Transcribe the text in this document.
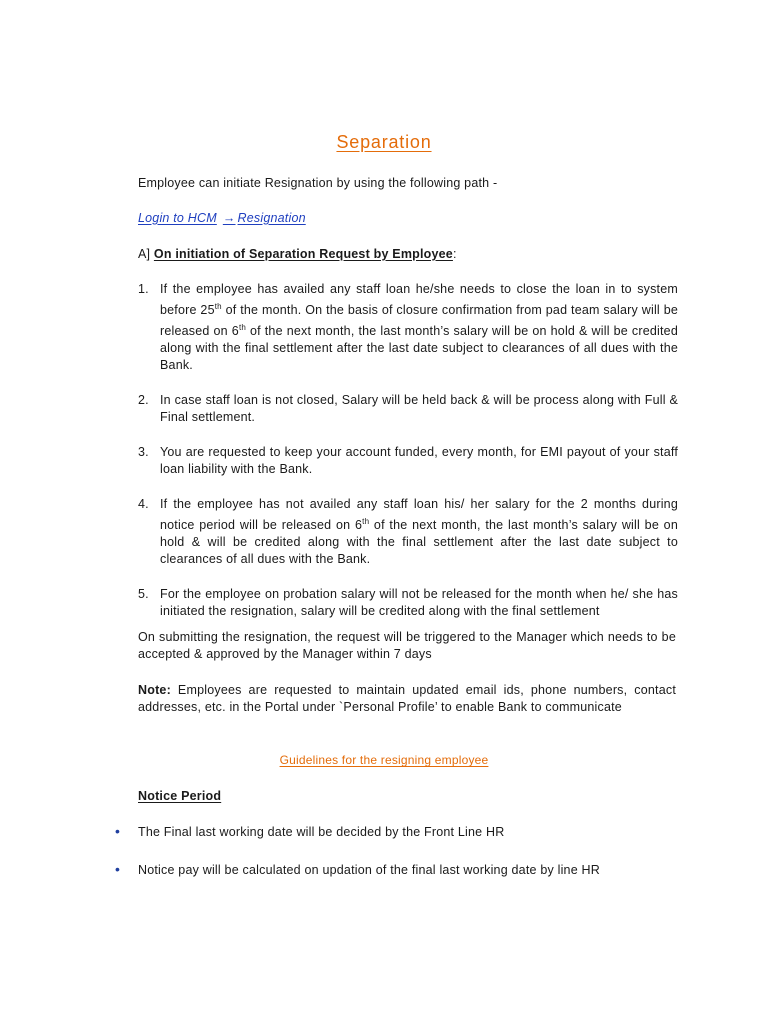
Separation
Employee can initiate Resignation by using the following path -
Login to HCM → Resignation
A] On initiation of Separation Request by Employee:
1. If the employee has availed any staff loan he/she needs to close the loan in to system before 25th of the month. On the basis of closure confirmation from pad team salary will be released on 6th of the next month, the last month’s salary will be on hold & will be credited along with the final settlement after the last date subject to clearances of all dues with the Bank.
2. In case staff loan is not closed, Salary will be held back & will be process along with Full & Final settlement.
3. You are requested to keep your account funded, every month, for EMI payout of your staff loan liability with the Bank.
4. If the employee has not availed any staff loan his/ her salary for the 2 months during notice period will be released on 6th of the next month, the last month’s salary will be on hold & will be credited along with the final settlement after the last date subject to clearances of all dues with the Bank.
5. For the employee on probation salary will not be released for the month when he/ she has initiated the resignation, salary will be credited along with the final settlement
On submitting the resignation, the request will be triggered to the Manager which needs to be accepted & approved by the Manager within 7 days
Note: Employees are requested to maintain updated email ids, phone numbers, contact addresses, etc. in the Portal under `Personal Profile’ to enable Bank to communicate
Guidelines for the resigning employee
Notice Period
• The Final last working date will be decided by the Front Line HR
• Notice pay will be calculated on updation of the final last working date by line HR
